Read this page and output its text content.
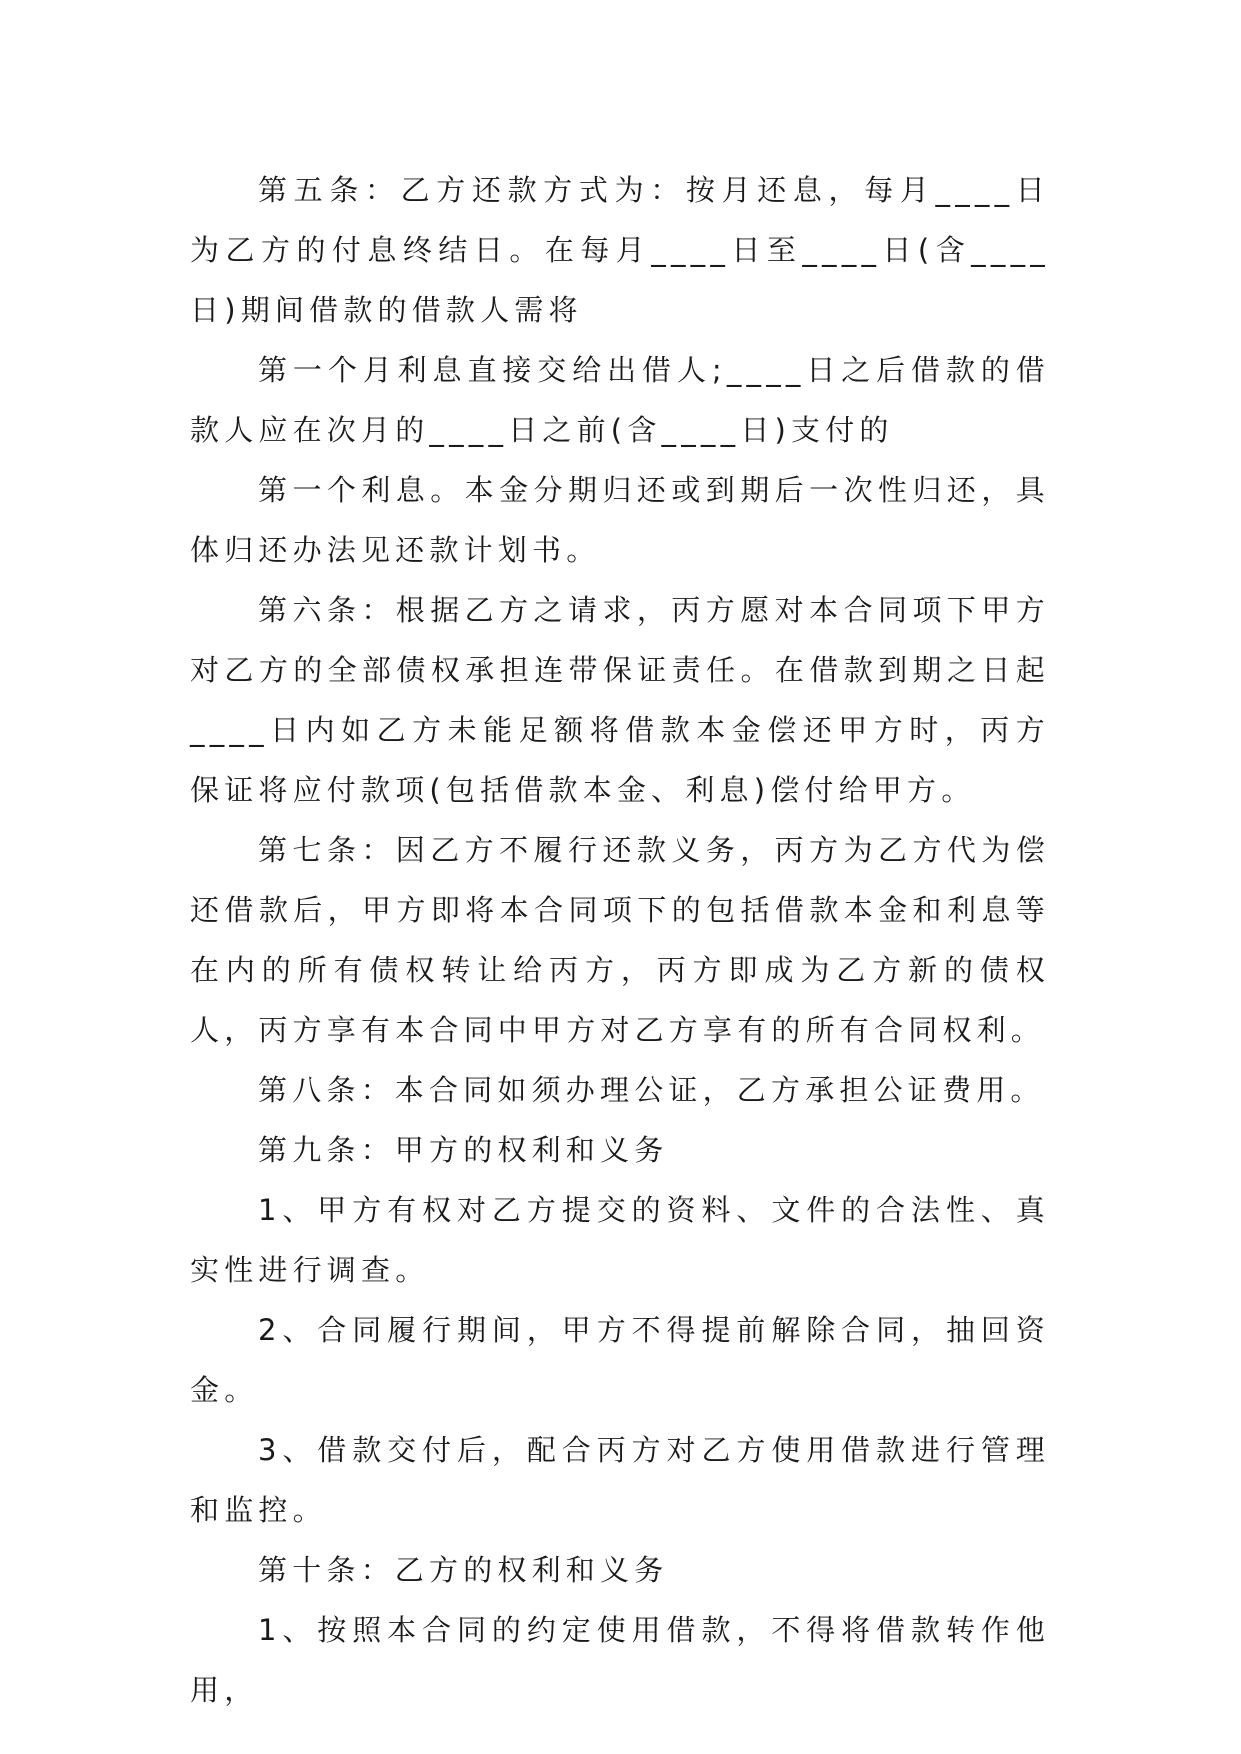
第五条：乙方还款方式为：按月还息，每月____日为乙方的付息终结日。在每月____日至____日(含____日)期间借款的借款人需将

第一个月利息直接交给出借人;____日之后借款的借款人应在次月的____日之前(含____日)支付的

第一个利息。本金分期归还或到期后一次性归还，具体归还办法见还款计划书。

第六条：根据乙方之请求，丙方愿对本合同项下甲方对乙方的全部债权承担连带保证责任。在借款到期之日起____日内如乙方未能足额将借款本金偿还甲方时，丙方保证将应付款项(包括借款本金、利息)偿付给甲方。

第七条：因乙方不履行还款义务，丙方为乙方代为偿还借款后，甲方即将本合同项下的包括借款本金和利息等在内的所有债权转让给丙方，丙方即成为乙方新的债权人，丙方享有本合同中甲方对乙方享有的所有合同权利。

第八条：本合同如须办理公证，乙方承担公证费用。

第九条：甲方的权利和义务

1、甲方有权对乙方提交的资料、文件的合法性、真实性进行调查。

2、合同履行期间，甲方不得提前解除合同，抽回资金。

3、借款交付后，配合丙方对乙方使用借款进行管理和监控。

第十条：乙方的权利和义务

1、按照本合同的约定使用借款，不得将借款转作他用，
